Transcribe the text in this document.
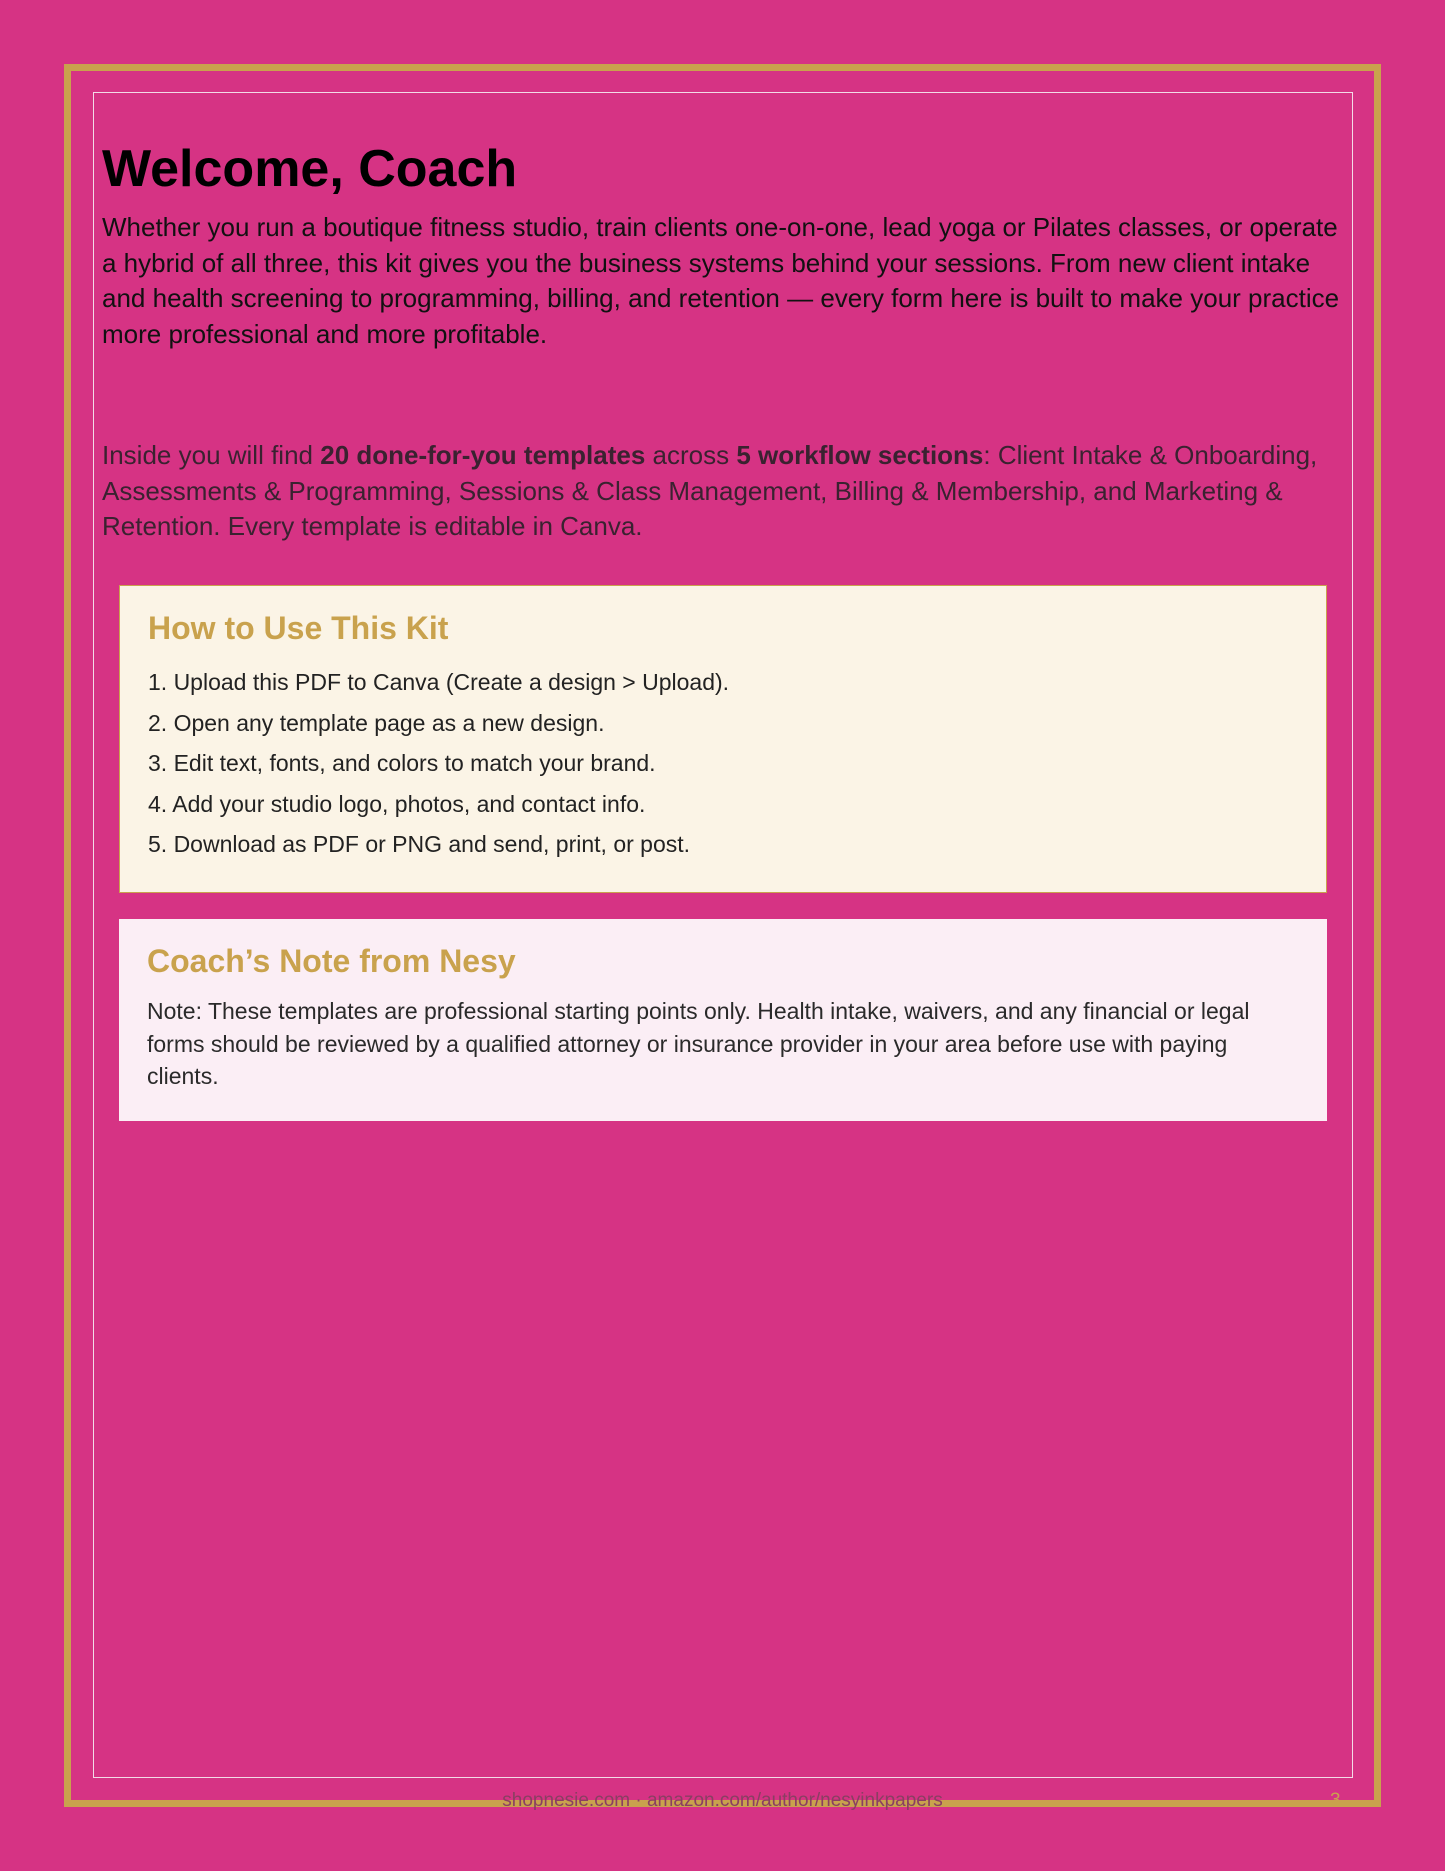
Welcome, Coach

Whether you run a boutique fitness studio, train clients one-on-one, lead yoga or Pilates classes, or operate a hybrid of all three, this kit gives you the business systems behind your sessions. From new client intake and health screening to programming, billing, and retention — every form here is built to make your practice more professional and more profitable.

Inside you will find 20 done-for-you templates across 5 workflow sections: Client Intake & Onboarding, Assessments & Programming, Sessions & Class Management, Billing & Membership, and Marketing & Retention. Every template is editable in Canva.

How to Use This Kit
1. Upload this PDF to Canva (Create a design > Upload).
2. Open any template page as a new design.
3. Edit text, fonts, and colors to match your brand.
4. Add your studio logo, photos, and contact info.
5. Download as PDF or PNG and send, print, or post.
Coach’s Note from Nesy

Note: These templates are professional starting points only. Health intake, waivers, and any financial or legal forms should be reviewed by a qualified attorney or insurance provider in your area before use with paying clients.

shopnesie.com · amazon.com/author/nesyinkpapers	3
